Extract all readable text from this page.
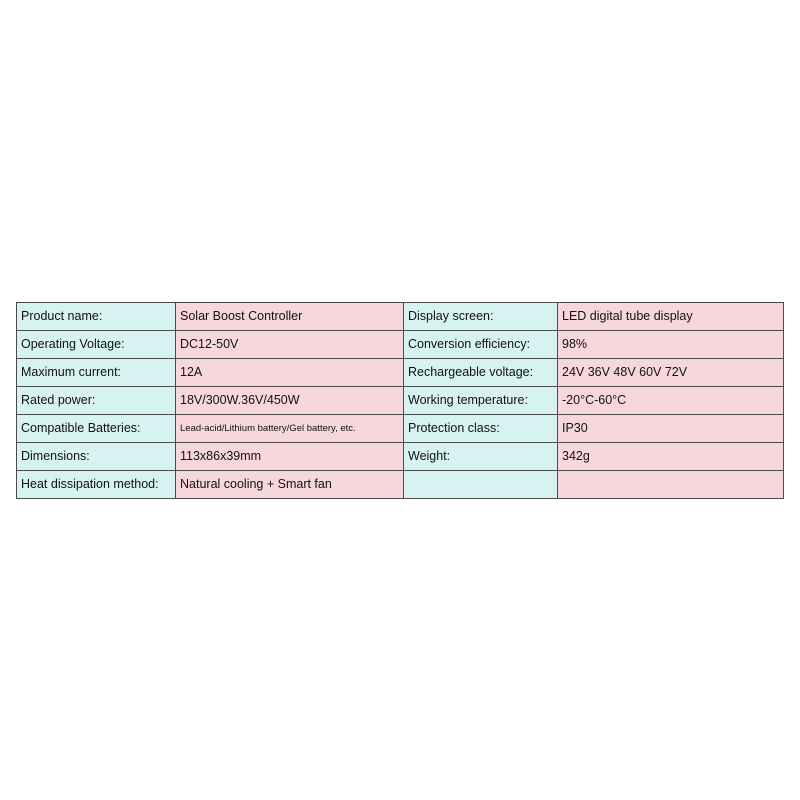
Product name:	Solar Boost Controller	Display screen:	LED digital tube display
Operating Voltage:	DC12-50V	Conversion efficiency:	98%
Maximum current:	12A	Rechargeable voltage:	24V 36V 48V 60V 72V
Rated power:	18V/300W.36V/450W	Working temperature:	-20°C-60°C
Compatible Batteries:	Lead-acid/Lithium battery/Gel battery, etc.	Protection class:	IP30
Dimensions:	113x86x39mm	Weight:	342g
Heat dissipation method:	Natural cooling + Smart fan		
